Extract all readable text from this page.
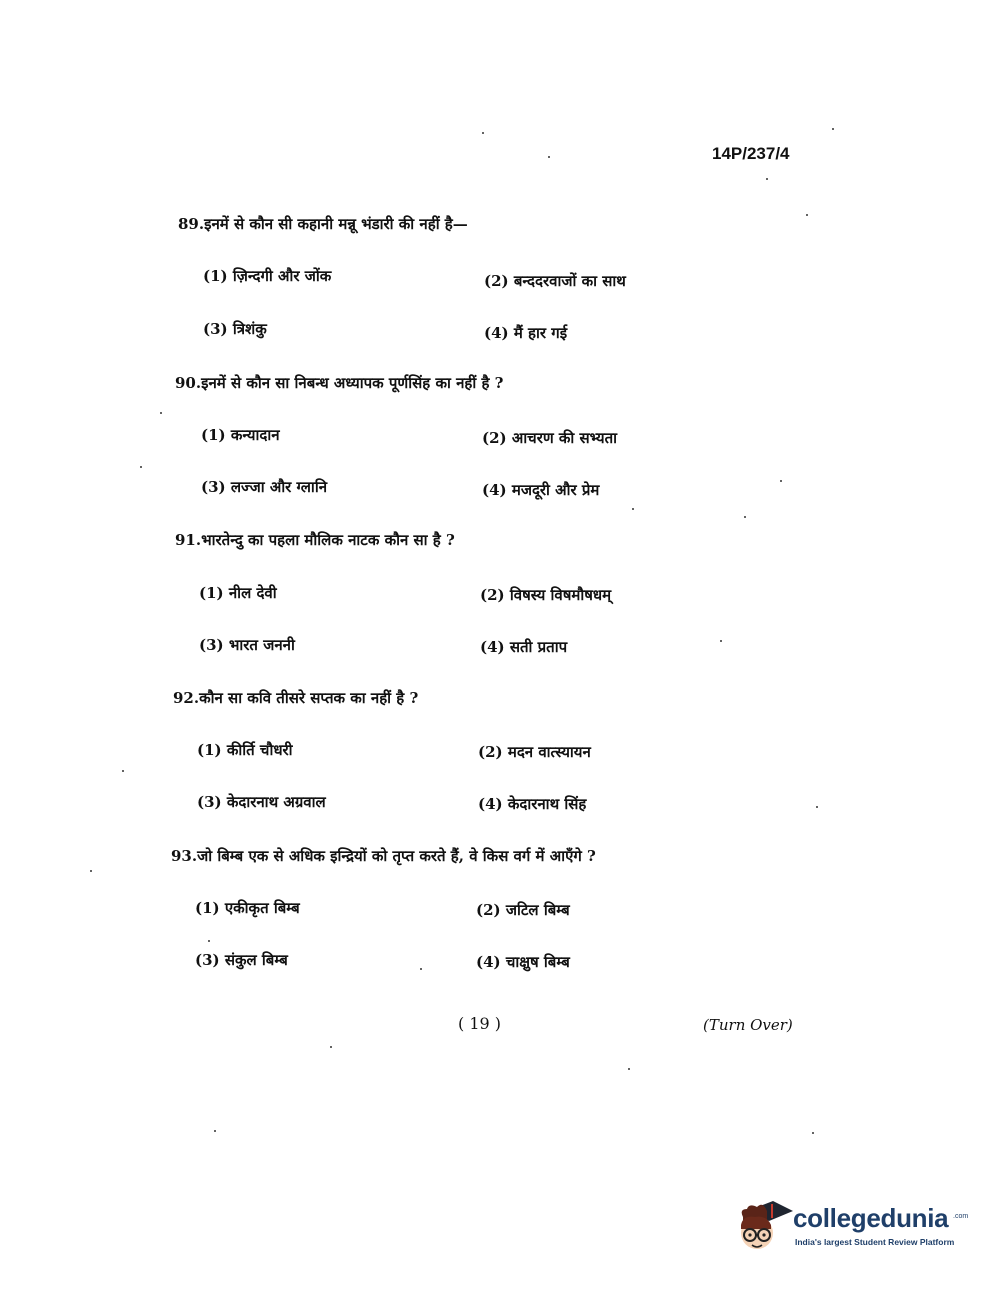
14P/237/4
89.इनमें से कौन सी कहानी मन्नू भंडारी की नहीं है—
(1) ज़िन्दगी और जोंक	(2) बन्ददरवाजों का साथ
(3) त्रिशंकु	(4) मैं हार गई
90.इनमें से कौन सा निबन्ध अध्यापक पूर्णसिंह का नहीं है ?
(1) कन्यादान	(2) आचरण की सभ्यता
(3) लज्जा और ग्लानि	(4) मजदूरी और प्रेम
91.भारतेन्दु का पहला मौलिक नाटक कौन सा है ?
(1) नील देवी	(2) विषस्य विषमौषधम्
(3) भारत जननी	(4) सती प्रताप
92.कौन सा कवि तीसरे सप्तक का नहीं है ?
(1) कीर्ति चौधरी	(2) मदन वात्स्यायन
(3) केदारनाथ अग्रवाल	(4) केदारनाथ सिंह
93.जो बिम्ब एक से अधिक इन्द्रियों को तृप्त करते हैं, वे किस वर्ग में आएँगे ?
(1) एकीकृत बिम्ब	(2) जटिल बिम्ब
(3) संकुल बिम्ब	(4) चाक्षुष बिम्ब
( 19 )	(Turn Over)
collegedunia .com
India's largest Student Review Platform
